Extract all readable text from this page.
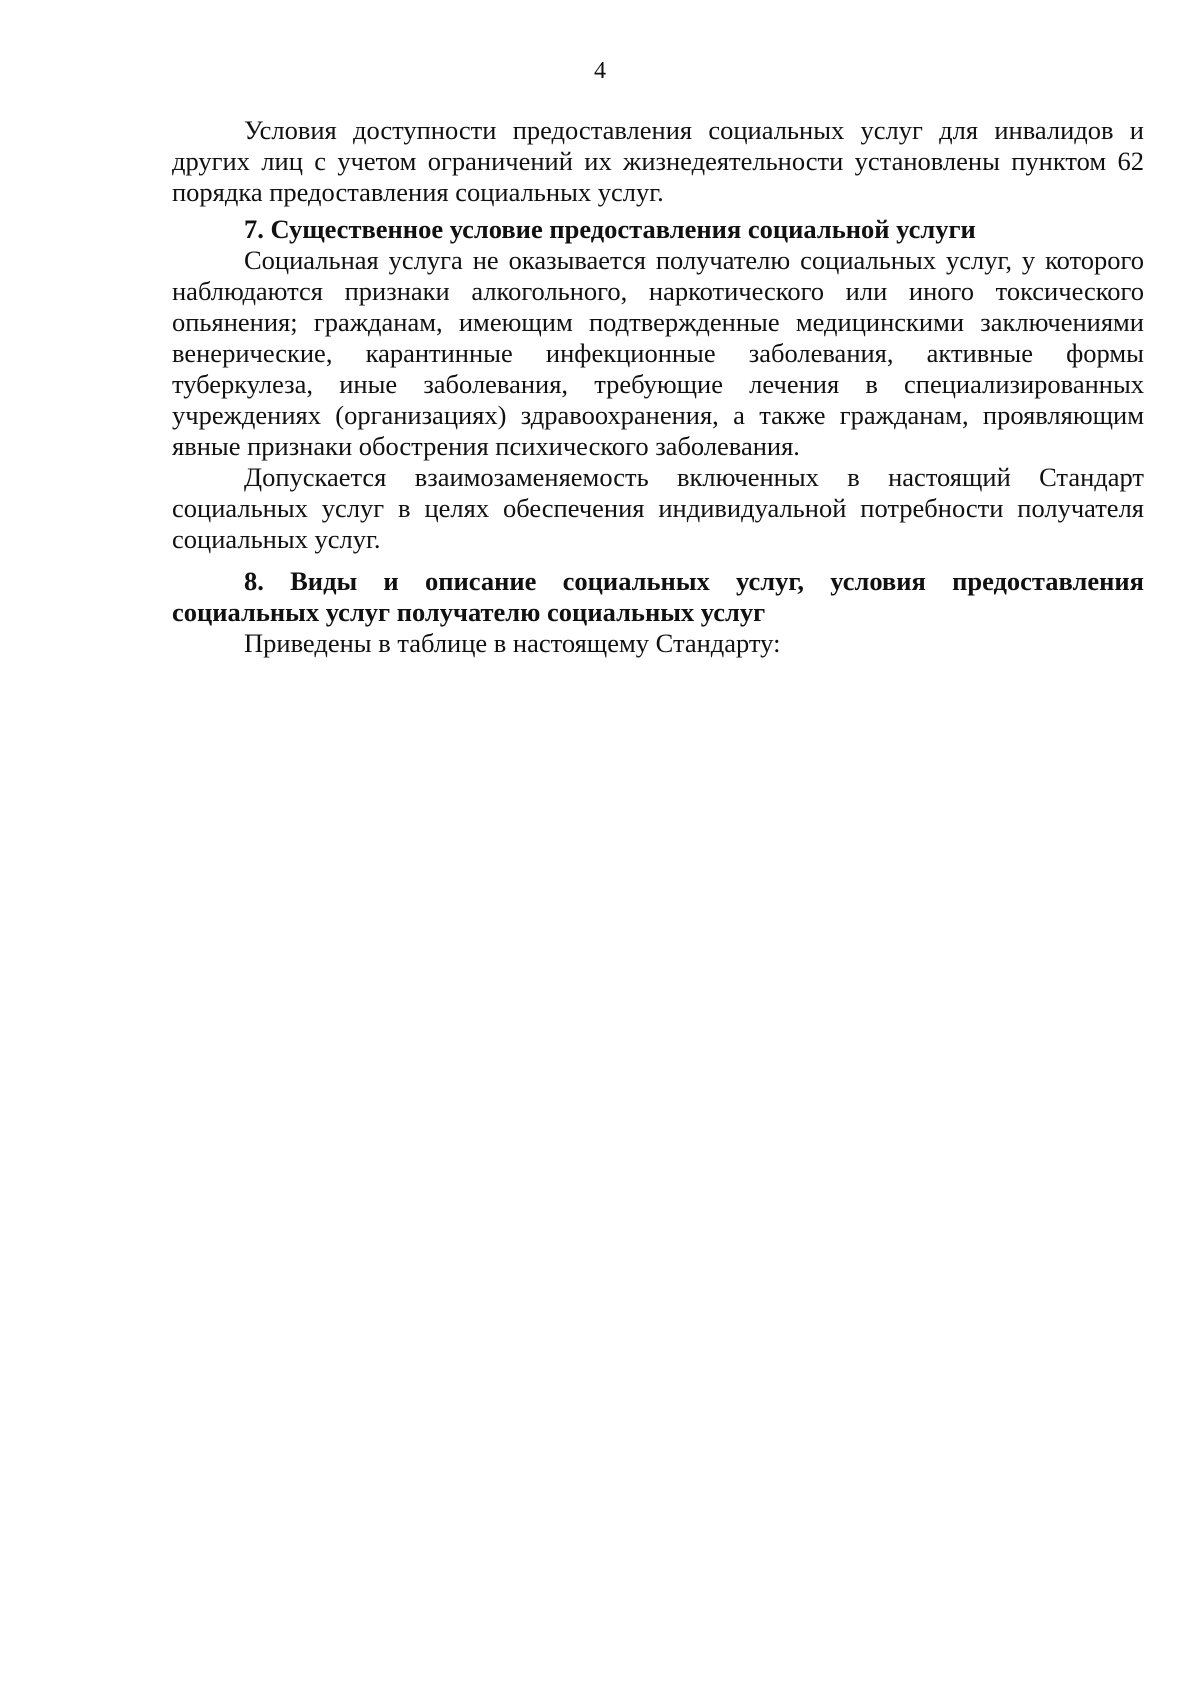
4

Условия доступности предоставления социальных услуг для инвалидов и других лиц с учетом ограничений их жизнедеятельности установлены пунктом 62 порядка предоставления социальных услуг.

7. Существенное условие предоставления социальной услуги

Социальная услуга не оказывается получателю социальных услуг, у которого наблюдаются признаки алкогольного, наркотического или иного токсического опьянения; гражданам, имеющим подтвержденные медицинскими заключениями венерические, карантинные инфекционные заболевания, активные формы туберкулеза, иные заболевания, требующие лечения в специализированных учреждениях (организациях) здравоохранения, а также гражданам, проявляющим явные признаки обострения психического заболевания.

Допускается взаимозаменяемость включенных в настоящий Стандарт социальных услуг в целях обеспечения индивидуальной потребности получателя социальных услуг.

8. Виды и описание социальных услуг, условия предоставления социальных услуг получателю социальных услуг

Приведены в таблице в настоящему Стандарту:
